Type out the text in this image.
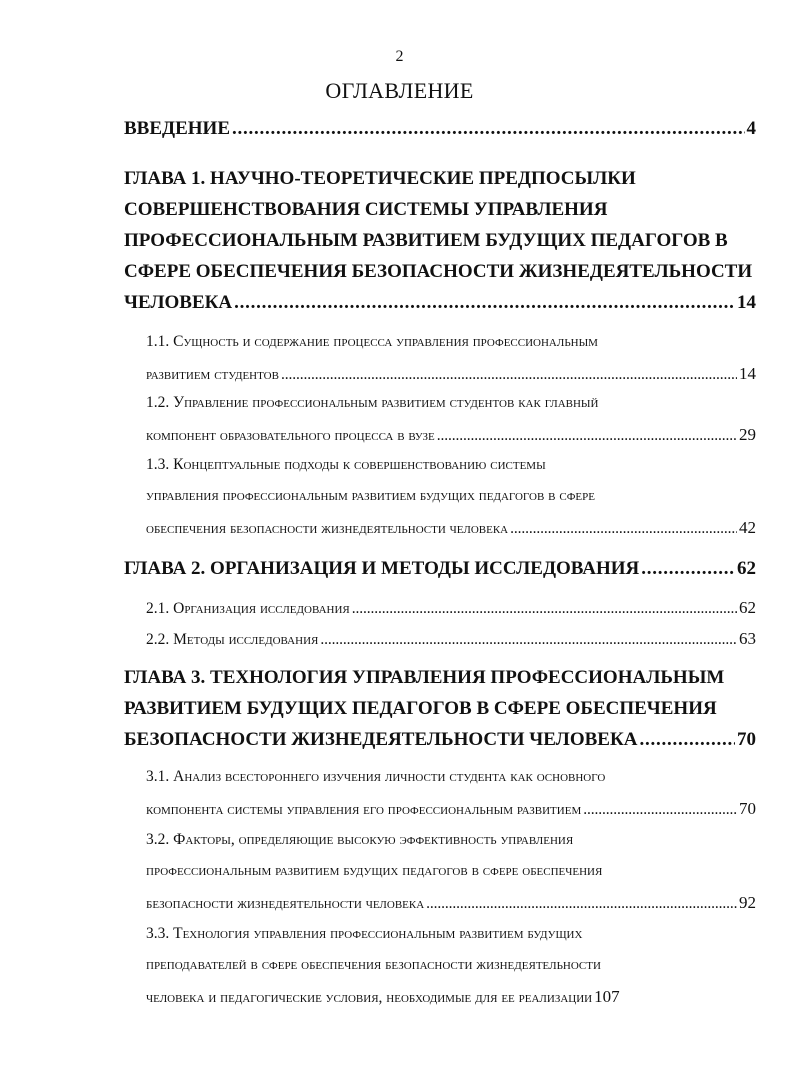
2
ОГЛАВЛЕНИЕ
ВВЕДЕНИЕ . . .	4
ГЛАВА 1. НАУЧНО-ТЕОРЕТИЧЕСКИЕ ПРЕДПОСЫЛКИ
СОВЕРШЕНСТВОВАНИЯ СИСТЕМЫ УПРАВЛЕНИЯ
ПРОФЕССИОНАЛЬНЫМ РАЗВИТИЕМ БУДУЩИХ ПЕДАГОГОВ В
СФЕРЕ ОБЕСПЕЧЕНИЯ БЕЗОПАСНОСТИ ЖИЗНЕДЕЯТЕЛЬНОСТИ
ЧЕЛОВЕКА . . .	14
1.1. Сущность и содержание процесса управления профессиональным
развитием студентов . . .	14
1.2. Управление профессиональным развитием студентов как главный
компонент образовательного процесса в вузе . . .	29
1.3. Концептуальные подходы к совершенствованию системы
управления профессиональным развитием будущих педагогов в сфере
обеспечения безопасности жизнедеятельности человека . . .	42
ГЛАВА 2. ОРГАНИЗАЦИЯ И МЕТОДЫ ИССЛЕДОВАНИЯ . . .	62
2.1. Организация исследования . . .	62
2.2. Методы исследования . . .	63
ГЛАВА 3. ТЕХНОЛОГИЯ УПРАВЛЕНИЯ ПРОФЕССИОНАЛЬНЫМ
РАЗВИТИЕМ БУДУЩИХ ПЕДАГОГОВ В СФЕРЕ ОБЕСПЕЧЕНИЯ
БЕЗОПАСНОСТИ ЖИЗНЕДЕЯТЕЛЬНОСТИ ЧЕЛОВЕКА . . .	70
3.1. Анализ всестороннего изучения личности студента как основного
компонента системы управления его профессиональным развитием . . .	70
3.2. Факторы, определяющие высокую эффективность управления
профессиональным развитием будущих педагогов в сфере обеспечения
безопасности жизнедеятельности человека . . .	92
3.3. Технология управления профессиональным развитием будущих
преподавателей в сфере обеспечения безопасности жизнедеятельности
человека и педагогические условия, необходимые для ее реализации 107
